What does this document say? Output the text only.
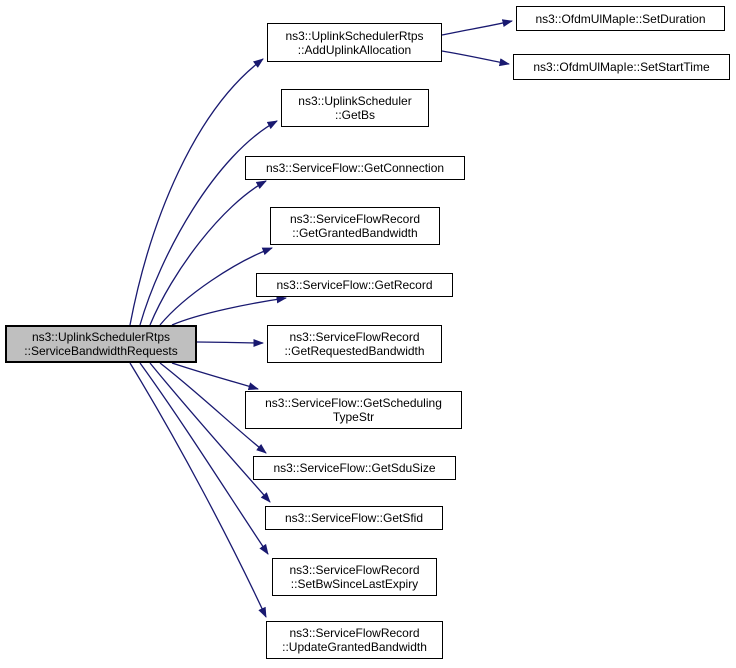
ns3::UplinkSchedulerRtps
::ServiceBandwidthRequests
ns3::UplinkSchedulerRtps
::AddUplinkAllocation
ns3::OfdmUlMapIe::SetDuration
ns3::OfdmUlMapIe::SetStartTime
ns3::UplinkScheduler
::GetBs
ns3::ServiceFlow::GetConnection
ns3::ServiceFlowRecord
::GetGrantedBandwidth
ns3::ServiceFlow::GetRecord
ns3::ServiceFlowRecord
::GetRequestedBandwidth
ns3::ServiceFlow::GetScheduling
TypeStr
ns3::ServiceFlow::GetSduSize
ns3::ServiceFlow::GetSfid
ns3::ServiceFlowRecord
::SetBwSinceLastExpiry
ns3::ServiceFlowRecord
::UpdateGrantedBandwidth
